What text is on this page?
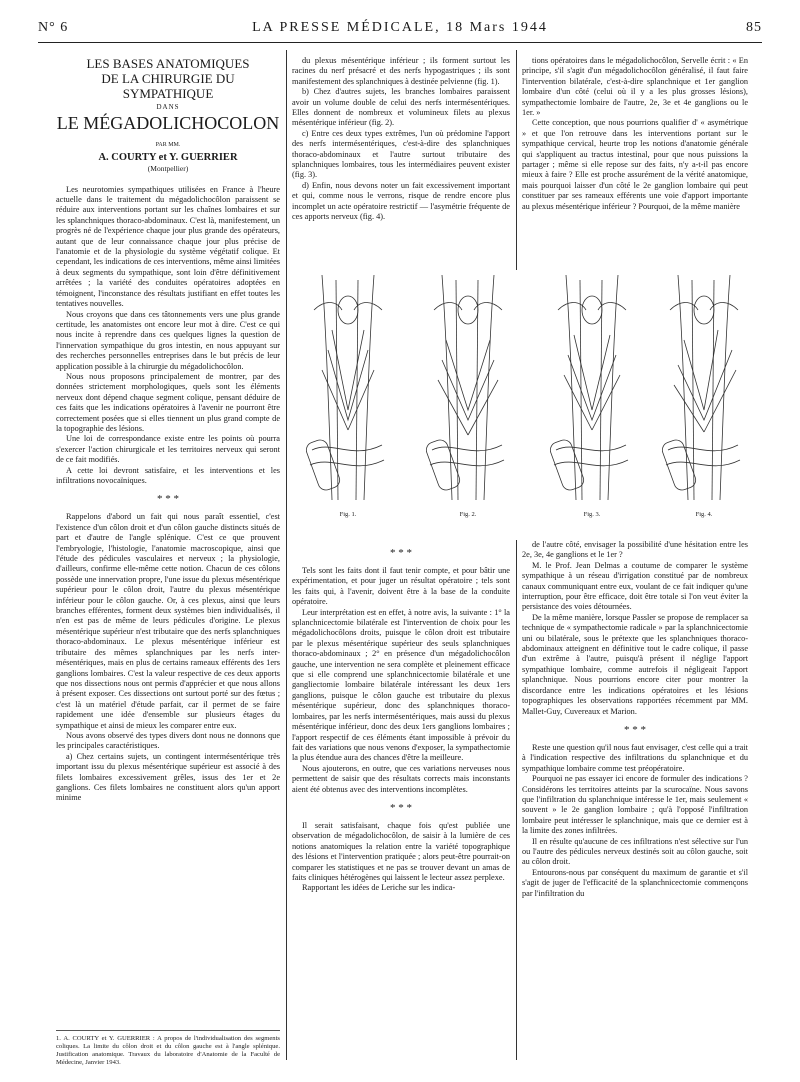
N° 6	LA PRESSE MÉDICALE, 18 Mars 1944	85
LES BASES ANATOMIQUES
DE LA CHIRURGIE DU SYMPATHIQUE
DANS
LE MÉGADOLICHOCOLON
PAR MM.
A. COURTY et Y. GUERRIER
(Montpellier)

Les neurotomies sympathiques utilisées en France à l'heure actuelle dans le traitement du mégadolichocôlon paraissent se réduire aux interventions portant sur les chaînes lombaires et sur les splanchniques thoraco-abdominaux. C'est là, manifestement, un progrès né de l'expérience chaque jour plus grande des opérateurs, autant que de leur connaissance chaque jour plus précise de l'anatomie et de la physiologie du système végétatif colique. Et cependant, les indications de ces interventions, même ainsi limitées à deux segments du sympathique, sont loin d'être définitivement arrêtées ; la variété des conduites opératoires adoptées en témoignent, l'inconstance des résultats justifiant en effet toutes les tentatives nouvelles.

Nous croyons que dans ces tâtonnements vers une plus grande certitude, les anatomistes ont encore leur mot à dire. C'est ce qui nous incite à reprendre dans ces quelques lignes la question de l'innervation sympathique du gros intestin, en nous appuyant sur des recherches personnelles entreprises dans le but précis de leur application possible à la chirurgie du mégadolichocôlon.

Nous nous proposons principalement de montrer, par des données strictement morphologiques, quels sont les éléments nerveux dont dépend chaque segment colique, pensant déduire de ces faits que les indications opératoires à l'avenir ne pourront être correctement posées que si elles tiennent un plus grand compte de la topographie des lésions.

Une loi de correspondance existe entre les points où pourra s'exercer l'action chirurgicale et les territoires nerveux qui seront de ce fait modifiés.

A cette loi devront satisfaire, et les interventions et les infiltrations novocaïniques.

* * *

Rappelons d'abord un fait qui nous paraît essentiel, c'est l'existence d'un côlon droit et d'un côlon gauche distincts situés de part et d'autre de l'angle splénique. C'est ce que prouvent l'embryologie, l'histologie, l'anatomie macroscopique, ainsi que l'étude des pédicules vasculaires et nerveux ; la physiologie, d'ailleurs, confirme elle-même cette notion. Chacun de ces côlons possède une innervation propre, l'une issue du plexus mésentérique supérieur pour le côlon droit, l'autre du plexus mésentérique inférieur pour le côlon gauche. Or, à ces plexus, ainsi que leurs branches efférentes, forment deux systèmes bien individualisés, il n'en est pas de même de leurs pédicules d'origine. Le plexus mésentérique supérieur n'est tributaire que des nerfs splanchniques thoraco-abdominaux. Le plexus mésentérique inférieur est tributaire des mêmes splanchniques par les nerfs inter-mésentériques, mais en plus de certains rameaux efférents des 1ers ganglions lombaires. C'est la valeur respective de ces deux apports que nos dissections nous ont permis d'apprécier et que nous allons à présent exposer. Ces dissections ont surtout porté sur des fœtus ; c'est là un matériel d'étude parfait, car il permet de se faire rapidement une idée d'ensemble sur plusieurs étages du sympathique et ainsi de mieux les comparer entre eux.

Nous avons observé des types divers dont nous ne donnons que les principales caractéristiques.

a) Chez certains sujets, un contingent intermésentérique très important issu du plexus mésentérique supérieur est associé à des filets lombaires excessivement grêles, issus des 1er et 2e ganglions. Ces filets lombaires ne constituent alors qu'un apport minime

1. A. COURTY et Y. GUERRIER : A propos de l'individualisation des segments coliques. La limite du côlon droit et du côlon gauche est à l'angle splénique. Justification anatomique. Travaux du laboratoire d'Anatomie de la Faculté de Médecine, Janvier 1943.

du plexus mésentérique inférieur ; ils forment surtout les racines du nerf présacré et des nerfs hypogastriques ; ils sont manifestement des splanchniques à destinée pelvienne (fig. 1).

b) Chez d'autres sujets, les branches lombaires paraissent avoir un volume double de celui des nerfs intermésentériques. Elles donnent de nombreux et volumineux filets au plexus mésentérique inférieur (fig. 2).

c) Entre ces deux types extrêmes, l'un où prédomine l'apport des nerfs intermésentériques, c'est-à-dire des splanchniques thoraco-abdominaux et l'autre surtout tributaire des splanchniques lombaires, tous les intermédiaires peuvent exister (fig. 3).

d) Enfin, nous devons noter un fait excessivement important et qui, comme nous le verrons, risque de rendre encore plus incomplet un acte opératoire restrictif — l'asymétrie fréquente de ces apports nerveux (fig. 4).

tions opératoires dans le mégadolichocôlon, Servelle écrit : « En principe, s'il s'agit d'un mégadolichocôlon généralisé, il faut faire l'intervention bilatérale, c'est-à-dire splanchnique et 1er ganglion lombaire d'un côté (celui où il y a les plus grosses lésions), sympathectomie lombaire de l'autre, 2e, 3e et 4e ganglions ou le 1er. »

Cette conception, que nous pourrions qualifier d' « asymétrique » et que l'on retrouve dans les interventions portant sur le sympathique cervical, heurte trop les notions d'anatomie générale qui s'appliquent au tractus intestinal, pour que nous puissions la partager ; même si elle repose sur des faits, n'y a-t-il pas encore mieux à faire ? Elle est proche assurément de la vérité anatomique, mais pourquoi laisser d'un côté le 2e ganglion lombaire qui peut constituer par ses rameaux efférents une voie d'apport importante au plexus mésentérique inférieur ? Pourquoi, de la même manière

Fig. 1.	Fig. 2.	Fig. 3.	Fig. 4.
* * *

Tels sont les faits dont il faut tenir compte, et pour bâtir une expérimentation, et pour juger un résultat opératoire ; tels sont les faits qui, à l'avenir, doivent être à la base de la conduite opératoire.

Leur interprétation est en effet, à notre avis, la suivante : 1° la splanchnicectomie bilatérale est l'intervention de choix pour les mégadolichocôlons droits, puisque le côlon droit est tributaire par le plexus mésentérique supérieur des seuls splanchniques thoraco-abdominaux ; 2° en présence d'un mégadolichocôlon gauche, une intervention ne sera complète et pleinement efficace que si elle comprend une splanchnicectomie bilatérale et une gangliectomie lombaire bilatérale intéressant les deux 1ers ganglions, puisque le côlon gauche est tributaire du plexus mésentérique supérieur, donc des splanchniques thoraco-lombaires, par les nerfs intermésentériques, mais aussi du plexus mésentérique inférieur, donc des deux 1ers ganglions lombaires ; l'apport respectif de ces éléments étant impossible à prévoir du fait des variations que nous venons d'exposer, la sympathectomie la plus étendue aura des chances d'être la meilleure.

Nous ajouterons, en outre, que ces variations nerveuses nous permettent de saisir que des résultats corrects mais inconstants aient été obtenus avec des interventions incomplètes.

* * *

Il serait satisfaisant, chaque fois qu'est publiée une observation de mégadolichocôlon, de saisir à la lumière de ces notions anatomiques la relation entre la variété topographique des lésions et l'intervention pratiquée ; alors peut-être pourrait-on comparer les statistiques et ne pas se trouver devant un amas de faits cliniques hétérogènes qui laissent le lecteur assez perplexe.

Rapportant les idées de Leriche sur les indica-

de l'autre côté, envisager la possibilité d'une hésitation entre les 2e, 3e, 4e ganglions et le 1er ?

M. le Prof. Jean Delmas a coutume de comparer le système sympathique à un réseau d'irrigation constitué par de nombreux canaux communiquant entre eux, voulant de ce fait indiquer qu'une interruption, pour être efficace, doit être totale si l'on veut éviter la persistance des voies détournées.

De la même manière, lorsque Passler se propose de remplacer sa technique de « sympathectomie radicale » par la splanchnicectomie uni ou bilatérale, sous le prétexte que les splanchniques thoraco-abdominaux atteignent en définitive tout le cadre colique, il passe d'un extrême à l'autre, puisqu'à présent il néglige l'apport sympathique lombaire, comme autrefois il négligeait l'apport splanchnique. Nous pourrions encore citer pour montrer la discordance entre les indications opératoires et les lésions topographiques les observations rapportées récemment par MM. Mallet-Guy, Cuvereaux et Marion.

* * *

Reste une question qu'il nous faut envisager, c'est celle qui a trait à l'indication respective des infiltrations du splanchnique et du sympathique lombaire comme test préopératoire.

Pourquoi ne pas essayer ici encore de formuler des indications ? Considérons les territoires atteints par la scurocaïne. Nous savons que l'infiltration du splanchnique intéresse le 1er, mais seulement « souvent » le 2e ganglion lombaire ; qu'à l'opposé l'infiltration lombaire peut intéresser le splanchnique, mais que ce dernier est à la limite des zones infiltrées.

Il en résulte qu'aucune de ces infiltrations n'est sélective sur l'un ou l'autre des pédicules nerveux destinés soit au côlon gauche, soit au côlon droit.

Entourons-nous par conséquent du maximum de garantie et s'il s'agit de juger de l'efficacité de la splanchnicectomie commençons par l'infiltration du
